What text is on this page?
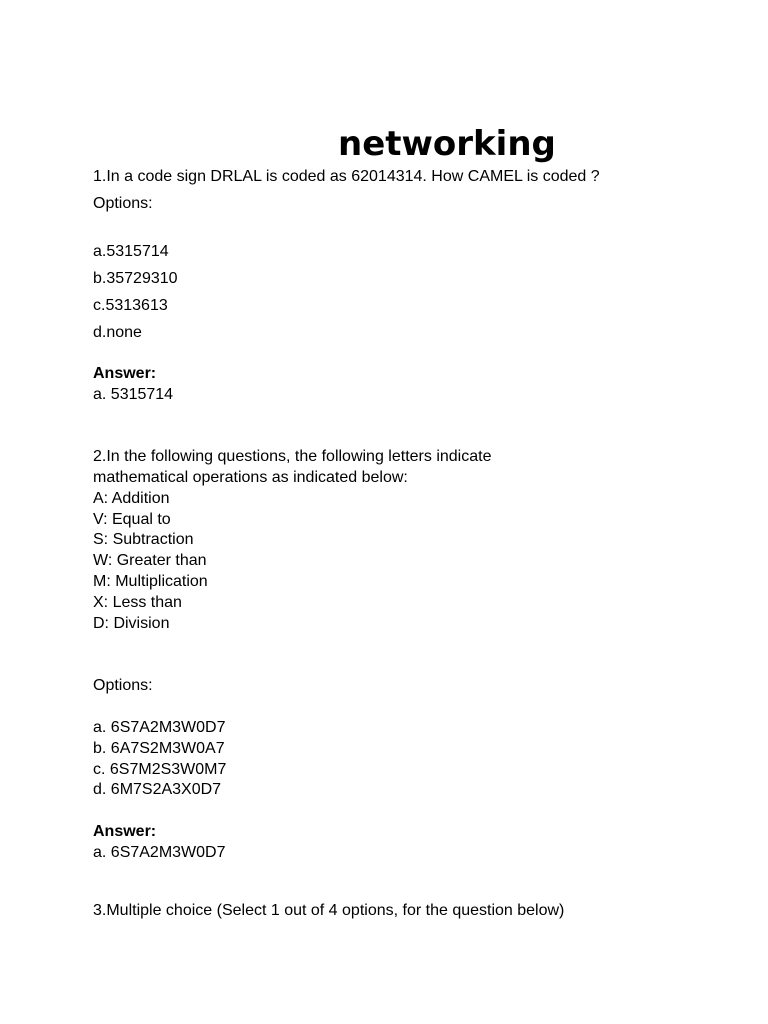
networking
1.In a code sign DRLAL is coded as 62014314. How CAMEL is coded ?
Options:
a.5315714
b.35729310
c.5313613
d.none
Answer:
a. 5315714
2.In the following questions, the following letters indicate
mathematical operations as indicated below:
A: Addition
V: Equal to
S: Subtraction
W: Greater than
M: Multiplication
X: Less than
D: Division
Options:
a. 6S7A2M3W0D7
b. 6A7S2M3W0A7
c. 6S7M2S3W0M7
d. 6M7S2A3X0D7
Answer:
a. 6S7A2M3W0D7
3.Multiple choice (Select 1 out of 4 options, for the question below)
